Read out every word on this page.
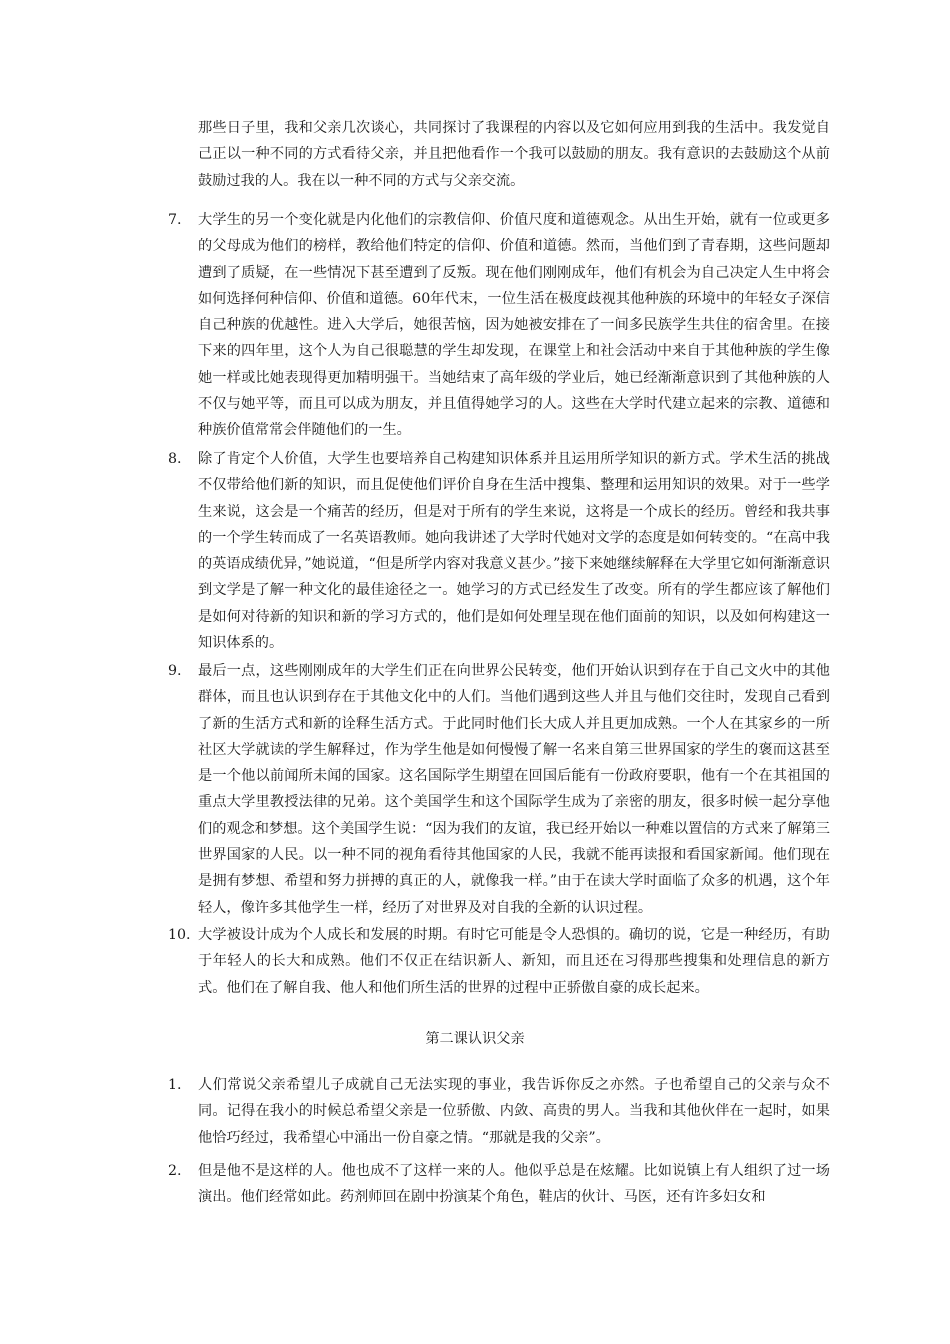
那些日子里，我和父亲几次谈心，共同探讨了我课程的内容以及它如何应用到我的生活中。我发觉自己正以一种不同的方式看待父亲，并且把他看作一个我可以鼓励的朋友。我有意识的去鼓励这个从前鼓励过我的人。我在以一种不同的方式与父亲交流。

7. 大学生的另一个变化就是内化他们的宗教信仰、价值尺度和道德观念。从出生开始，就有一位或更多的父母成为他们的榜样，教给他们特定的信仰、价值和道德。然而，当他们到了青春期，这些问题却遭到了质疑，在一些情况下甚至遭到了反叛。现在他们刚刚成年，他们有机会为自己决定人生中将会如何选择何种信仰、价值和道德。60年代末，一位生活在极度歧视其他种族的环境中的年轻女子深信自己种族的优越性。进入大学后，她很苦恼，因为她被安排在了一间多民族学生共住的宿舍里。在接下来的四年里，这个人为自己很聪慧的学生却发现，在课堂上和社会活动中来自于其他种族的学生像她一样或比她表现得更加精明强干。当她结束了高年级的学业后，她已经渐渐意识到了其他种族的人不仅与她平等，而且可以成为朋友，并且值得她学习的人。这些在大学时代建立起来的宗教、道德和种族价值常常会伴随他们的一生。

8. 除了肯定个人价值，大学生也要培养自己构建知识体系并且运用所学知识的新方式。学术生活的挑战不仅带给他们新的知识，而且促使他们评价自身在生活中搜集、整理和运用知识的效果。对于一些学生来说，这会是一个痛苦的经历，但是对于所有的学生来说，这将是一个成长的经历。曾经和我共事的一个学生转而成了一名英语教师。她向我讲述了大学时代她对文学的态度是如何转变的。“在高中我的英语成绩优异，”她说道，“但是所学内容对我意义甚少。”接下来她继续解释在大学里它如何渐渐意识到文学是了解一种文化的最佳途径之一。她学习的方式已经发生了改变。所有的学生都应该了解他们是如何对待新的知识和新的学习方式的，他们是如何处理呈现在他们面前的知识，以及如何构建这一知识体系的。

9. 最后一点，这些刚刚成年的大学生们正在向世界公民转变，他们开始认识到存在于自己文火中的其他群体，而且也认识到存在于其他文化中的人们。当他们遇到这些人并且与他们交往时，发现自己看到了新的生活方式和新的诠释生活方式。于此同时他们长大成人并且更加成熟。一个人在其家乡的一所社区大学就读的学生解释过，作为学生他是如何慢慢了解一名来自第三世界国家的学生的褒而这甚至是一个他以前闻所未闻的国家。这名国际学生期望在回国后能有一份政府要职，他有一个在其祖国的重点大学里教授法律的兄弟。这个美国学生和这个国际学生成为了亲密的朋友，很多时候一起分享他们的观念和梦想。这个美国学生说：“因为我们的友谊，我已经开始以一种难以置信的方式来了解第三世界国家的人民。以一种不同的视角看待其他国家的人民，我就不能再读报和看国家新闻。他们现在是拥有梦想、希望和努力拼搏的真正的人，就像我一样。”由于在读大学时面临了众多的机遇，这个年轻人，像许多其他学生一样，经历了对世界及对自我的全新的认识过程。

10. 大学被设计成为个人成长和发展的时期。有时它可能是令人恐惧的。确切的说，它是一种经历，有助于年轻人的长大和成熟。他们不仅正在结识新人、新知，而且还在习得那些搜集和处理信息的新方式。他们在了解自我、他人和他们所生活的世界的过程中正骄傲自豪的成长起来。

第二课认识父亲

1. 人们常说父亲希望儿子成就自己无法实现的事业，我告诉你反之亦然。子也希望自己的父亲与众不同。记得在我小的时候总希望父亲是一位骄傲、内敛、高贵的男人。当我和其他伙伴在一起时，如果他恰巧经过，我希望心中涌出一份自豪之情。“那就是我的父亲”。

2. 但是他不是这样的人。他也成不了这样一来的人。他似乎总是在炫耀。比如说镇上有人组织了过一场演出。他们经常如此。药剂师回在剧中扮演某个角色，鞋店的伙计、马医，还有许多妇女和
